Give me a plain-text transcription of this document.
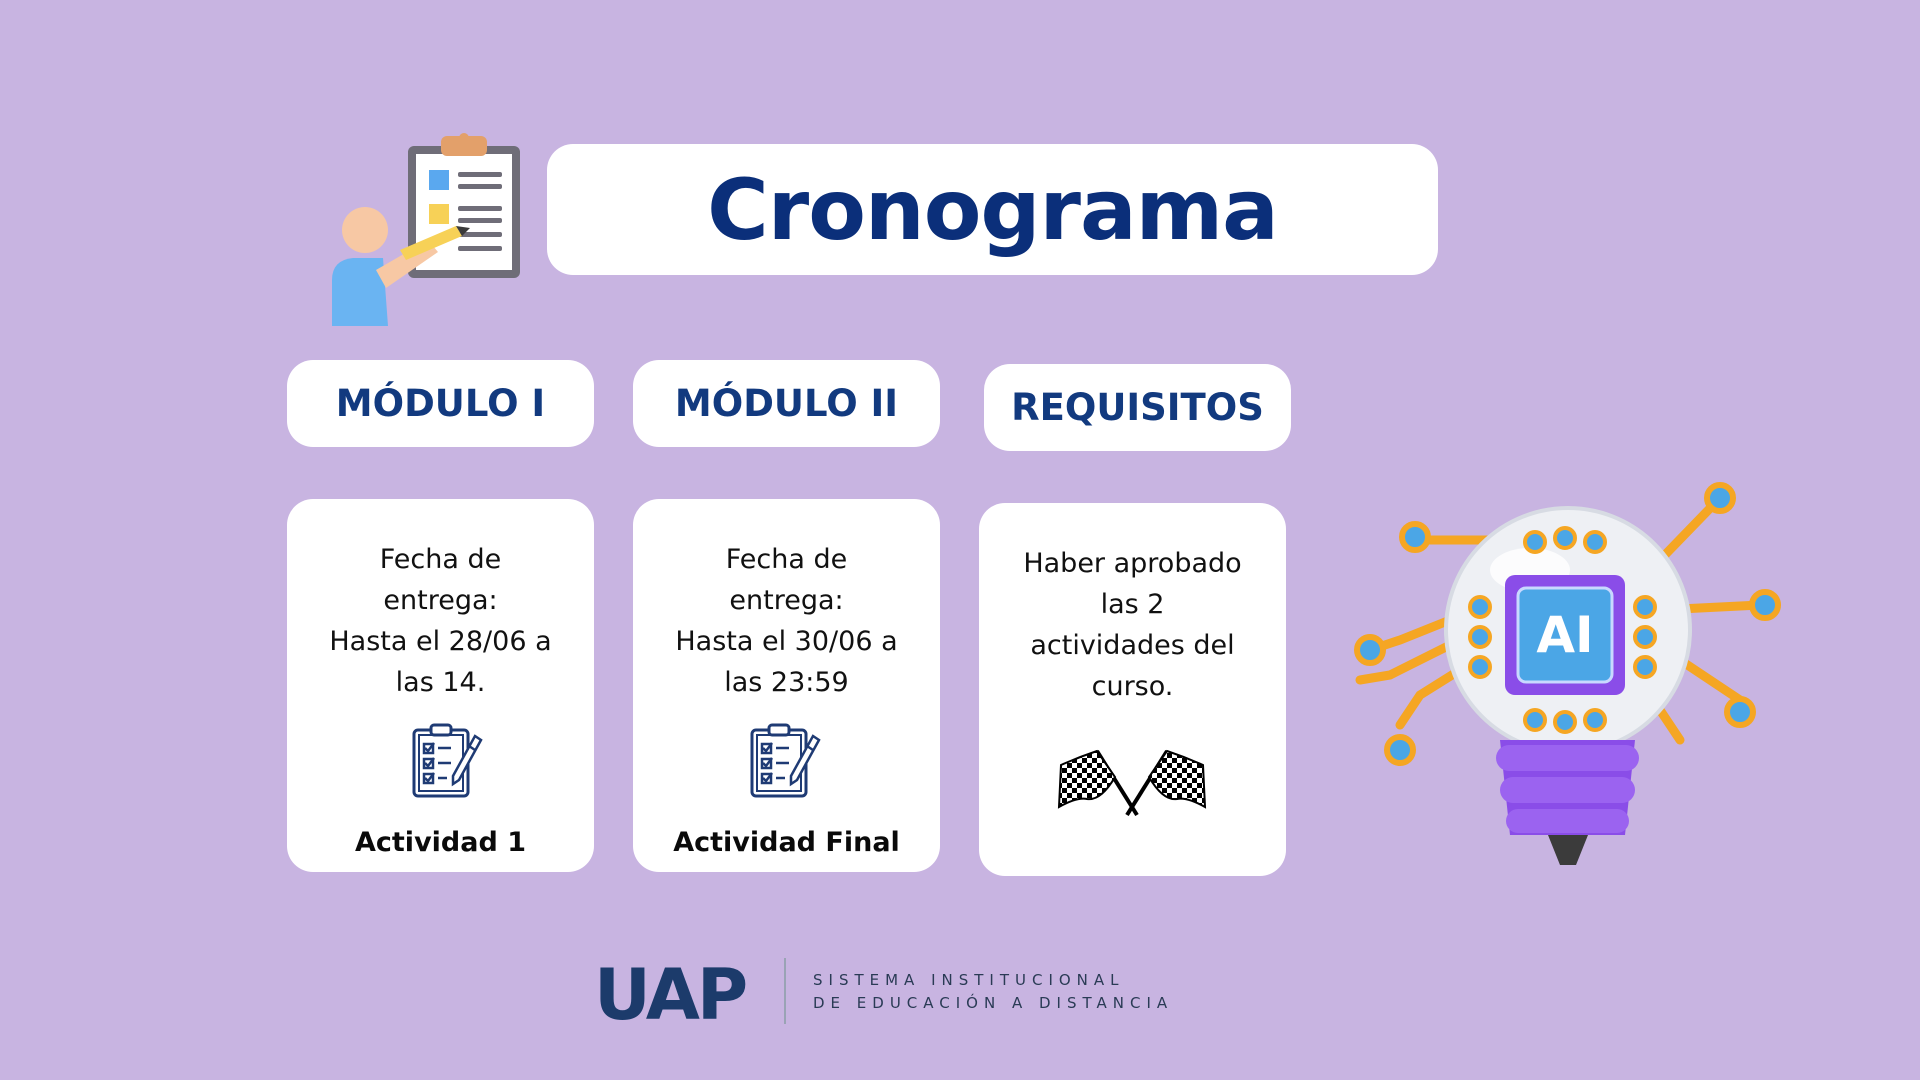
Cronograma
MÓDULO I	MÓDULO II	REQUISITOS
Fecha de
entrega:
Hasta el 28/06 a
las 14.
Actividad 1
Fecha de
entrega:
Hasta el 30/06 a
las 23:59
Actividad Final
Haber aprobado
las 2
actividades del
curso.
AI
UAP	SISTEMA INSTITUCIONAL
DE EDUCACIÓN A DISTANCIA
